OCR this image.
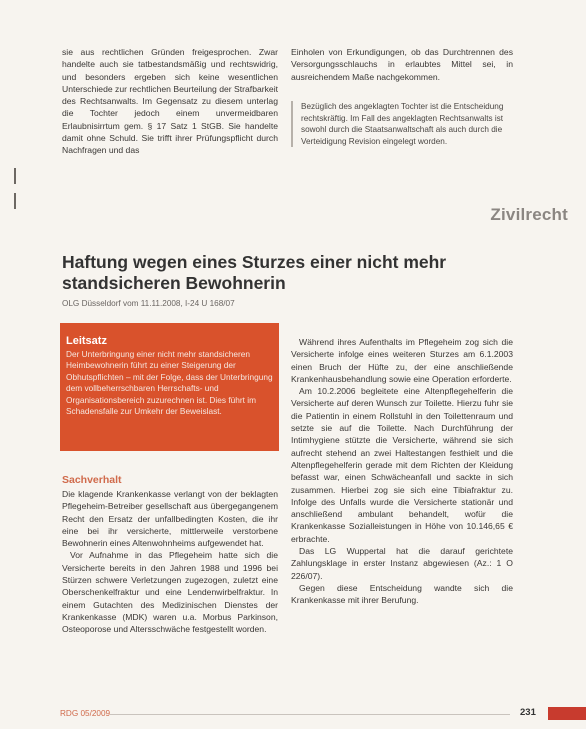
sie aus rechtlichen Gründen freigesprochen. Zwar handelte auch sie tatbestandsmäßig und rechtswidrig, und besonders ergeben sich keine wesentlichen Unterschiede zur rechtlichen Beurteilung der Strafbarkeit des Rechtsanwalts. Im Gegensatz zu diesem unterlag die Tochter jedoch einem unvermeidbaren Erlaubnisirrtum gem. § 17 Satz 1 StGB. Sie handelte damit ohne Schuld. Sie trifft ihrer Prüfungspflicht durch Nachfragen und das

Einholen von Erkundigungen, ob das Durchtrennen des Versorgungsschlauchs in erlaubtes Mittel sei, in ausreichendem Maße nachgekommen.

Bezüglich des angeklagten Tochter ist die Entscheidung rechtskräftig. Im Fall des angeklagten Rechtsanwalts ist sowohl durch die Staatsanwaltschaft als auch durch die Verteidigung Revision eingelegt worden.
Zivilrecht
Haftung wegen eines Sturzes einer nicht mehr standsicheren Bewohnerin
OLG Düsseldorf vom 11.11.2008, I-24 U 168/07
Leitsatz
Der Unterbringung einer nicht mehr standsicheren Heimbewohnerin führt zu einer Steigerung der Obhutspflichten – mit der Folge, dass der Unterbringung dem vollbeherrschbaren Herrschafts- und Organisationsbereich zuzurechnen ist. Dies führt im Schadensfalle zur Umkehr der Beweislast.
Sachverhalt

Die klagende Krankenkasse verlangt von der beklagten Pflegeheim-Betreiber gesellschaft aus übergegangenem Recht den Ersatz der unfallbedingten Kosten, die ihr eine bei ihr versicherte, mittlerweile verstorbene Bewohnerin eines Altenwohnheims aufgewendet hat.

Vor Aufnahme in das Pflegeheim hatte sich die Versicherte bereits in den Jahren 1988 und 1996 bei Stürzen schwere Verletzungen zugezogen, zuletzt eine Oberschenkelfraktur und eine Lendenwirbelfraktur. In einem Gutachten des Medizinischen Dienstes der Krankenkasse (MDK) waren u.a. Morbus Parkinson, Osteoporose und Altersschwäche festgestellt worden.

Während ihres Aufenthalts im Pflegeheim zog sich die Versicherte infolge eines weiteren Sturzes am 6.1.2003 einen Bruch der Hüfte zu, der eine anschließende Krankenhausbehandlung sowie eine Operation erforderte.

Am 10.2.2006 begleitete eine Altenpflegehelferin die Versicherte auf deren Wunsch zur Toilette. Hierzu fuhr sie die Patientin in einem Rollstuhl in den Toilettenraum und setzte sie auf die Toilette. Nach Durchführung der Intimhygiene stützte die Versicherte, während sie sich aufrecht stehend an zwei Haltestangen festhielt und die Altenpflegehelferin gerade mit dem Richten der Kleidung befasst war, einen Schwächeanfall und sackte in sich zusammen. Hierbei zog sie sich eine Tibiafraktur zu. Infolge des Unfalls wurde die Versicherte stationär und anschließend ambulant behandelt, wofür die Krankenkasse Sozialleistungen in Höhe von 10.146,65 € erbrachte.

Das LG Wuppertal hat die darauf gerichtete Zahlungsklage in erster Instanz abgewiesen (Az.: 1 O 226/07).

Gegen diese Entscheidung wandte sich die Krankenkasse mit ihrer Berufung.

RDG 05/2009	231
